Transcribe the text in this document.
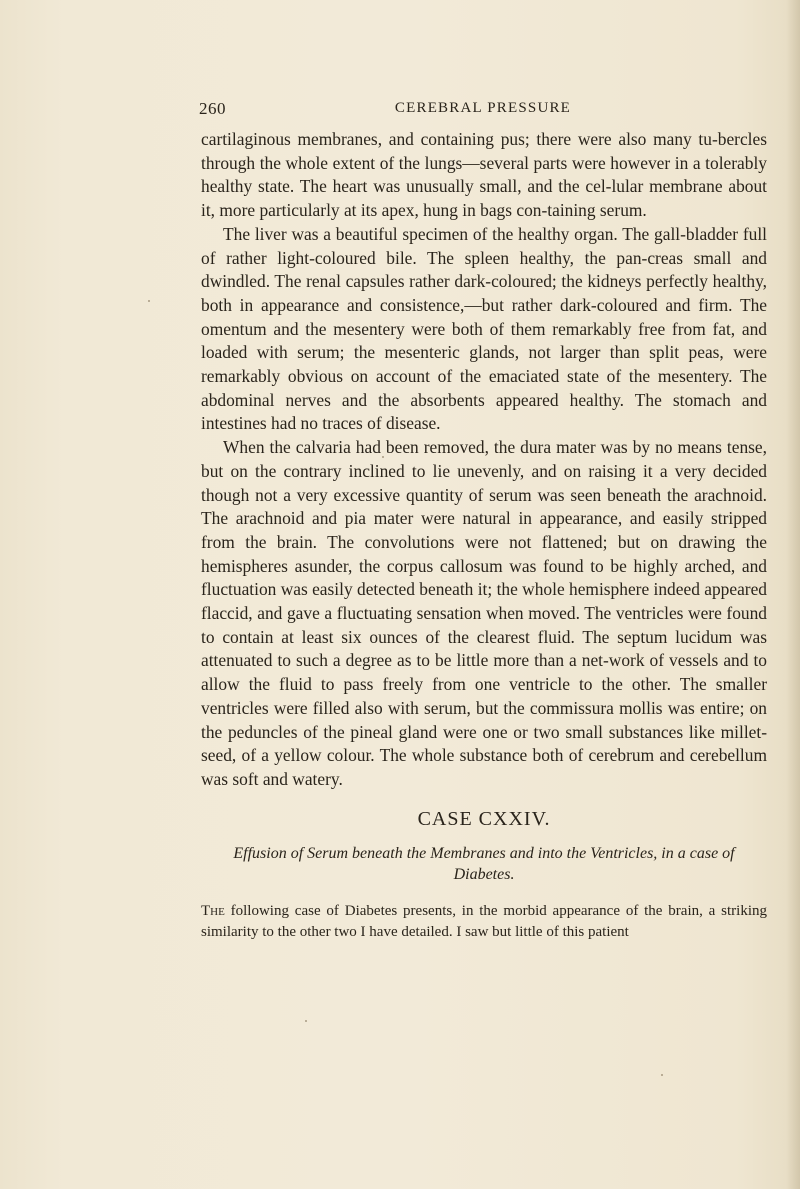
260	CEREBRAL PRESSURE

cartilaginous membranes, and containing pus; there were also many tu-bercles through the whole extent of the lungs—several parts were however in a tolerably healthy state. The heart was unusually small, and the cel-lular membrane about it, more particularly at its apex, hung in bags con-taining serum.

The liver was a beautiful specimen of the healthy organ. The gall-bladder full of rather light-coloured bile. The spleen healthy, the pan-creas small and dwindled. The renal capsules rather dark-coloured; the kidneys perfectly healthy, both in appearance and consistence,—but rather dark-coloured and firm. The omentum and the mesentery were both of them remarkably free from fat, and loaded with serum; the mesenteric glands, not larger than split peas, were remarkably obvious on account of the emaciated state of the mesentery. The abdominal nerves and the absorbents appeared healthy. The stomach and intestines had no traces of disease.

When the calvaria had been removed, the dura mater was by no means tense, but on the contrary inclined to lie unevenly, and on raising it a very decided though not a very excessive quantity of serum was seen beneath the arachnoid. The arachnoid and pia mater were natural in appearance, and easily stripped from the brain. The convolutions were not flattened; but on drawing the hemispheres asunder, the corpus callosum was found to be highly arched, and fluctuation was easily detected beneath it; the whole hemisphere indeed appeared flaccid, and gave a fluctuating sensation when moved. The ventricles were found to contain at least six ounces of the clearest fluid. The septum lucidum was attenuated to such a degree as to be little more than a net-work of vessels and to allow the fluid to pass freely from one ventricle to the other. The smaller ventricles were filled also with serum, but the commissura mollis was entire; on the peduncles of the pineal gland were one or two small substances like millet-seed, of a yellow colour. The whole substance both of cerebrum and cerebellum was soft and watery.

CASE CXXIV.
Effusion of Serum beneath the Membranes and into the Ventricles, in a case of Diabetes.

The following case of Diabetes presents, in the morbid appearance of the brain, a striking similarity to the other two I have detailed. I saw but little of this patient
